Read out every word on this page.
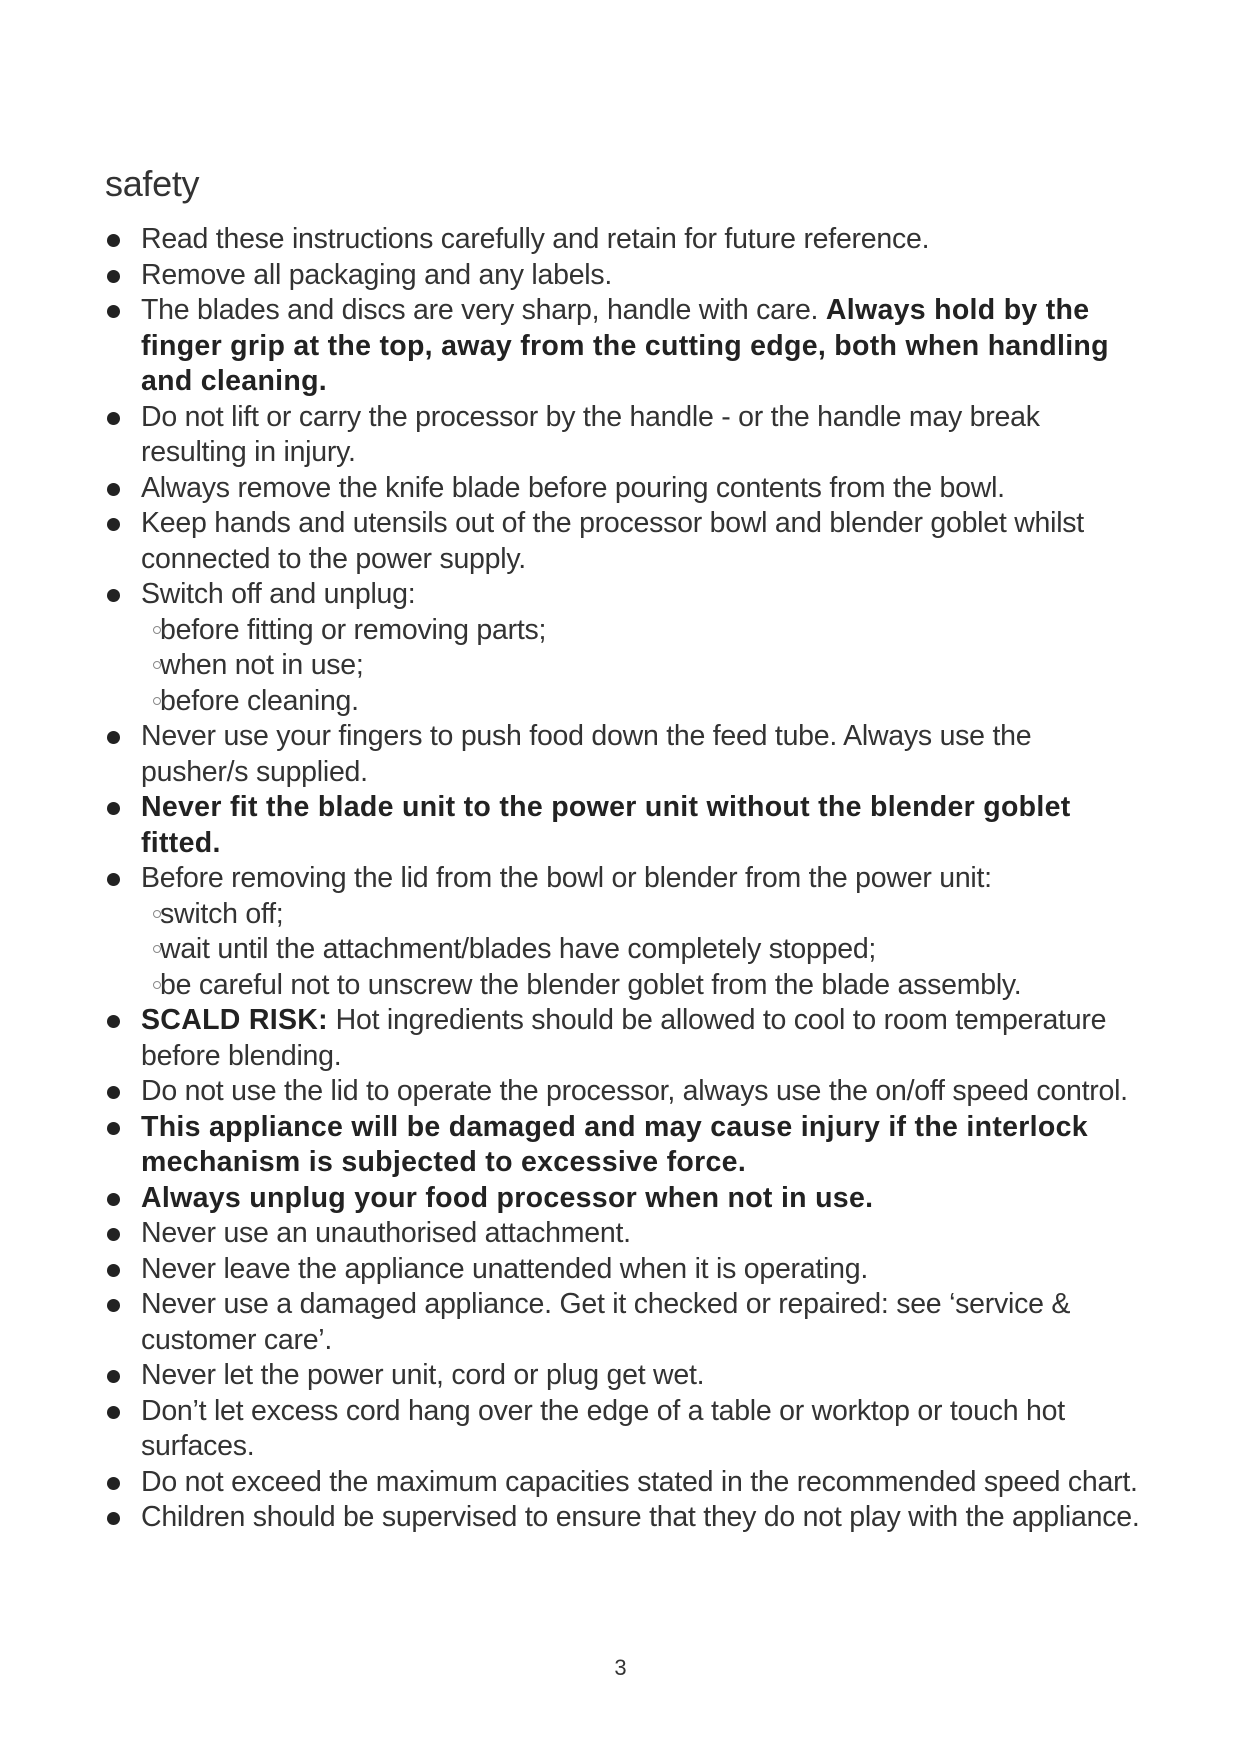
safety
Read these instructions carefully and retain for future reference.
Remove all packaging and any labels.
The blades and discs are very sharp, handle with care. Always hold by the finger grip at the top, away from the cutting edge, both when handling and cleaning.
Do not lift or carry the processor by the handle - or the handle may break resulting in injury.
Always remove the knife blade before pouring contents from the bowl.
Keep hands and utensils out of the processor bowl and blender goblet whilst connected to the power supply.
Switch off and unplug:
before fitting or removing parts;
when not in use;
before cleaning.
Never use your fingers to push food down the feed tube. Always use the pusher/s supplied.
Never fit the blade unit to the power unit without the blender goblet fitted.
Before removing the lid from the bowl or blender from the power unit:
switch off;
wait until the attachment/blades have completely stopped;
be careful not to unscrew the blender goblet from the blade assembly.
SCALD RISK: Hot ingredients should be allowed to cool to room temperature before blending.
Do not use the lid to operate the processor, always use the on/off speed control.
This appliance will be damaged and may cause injury if the interlock mechanism is subjected to excessive force.
Always unplug your food processor when not in use.
Never use an unauthorised attachment.
Never leave the appliance unattended when it is operating.
Never use a damaged appliance. Get it checked or repaired: see ‘service & customer care’.
Never let the power unit, cord or plug get wet.
Don’t let excess cord hang over the edge of a table or worktop or touch hot surfaces.
Do not exceed the maximum capacities stated in the recommended speed chart.
Children should be supervised to ensure that they do not play with the appliance.
3
